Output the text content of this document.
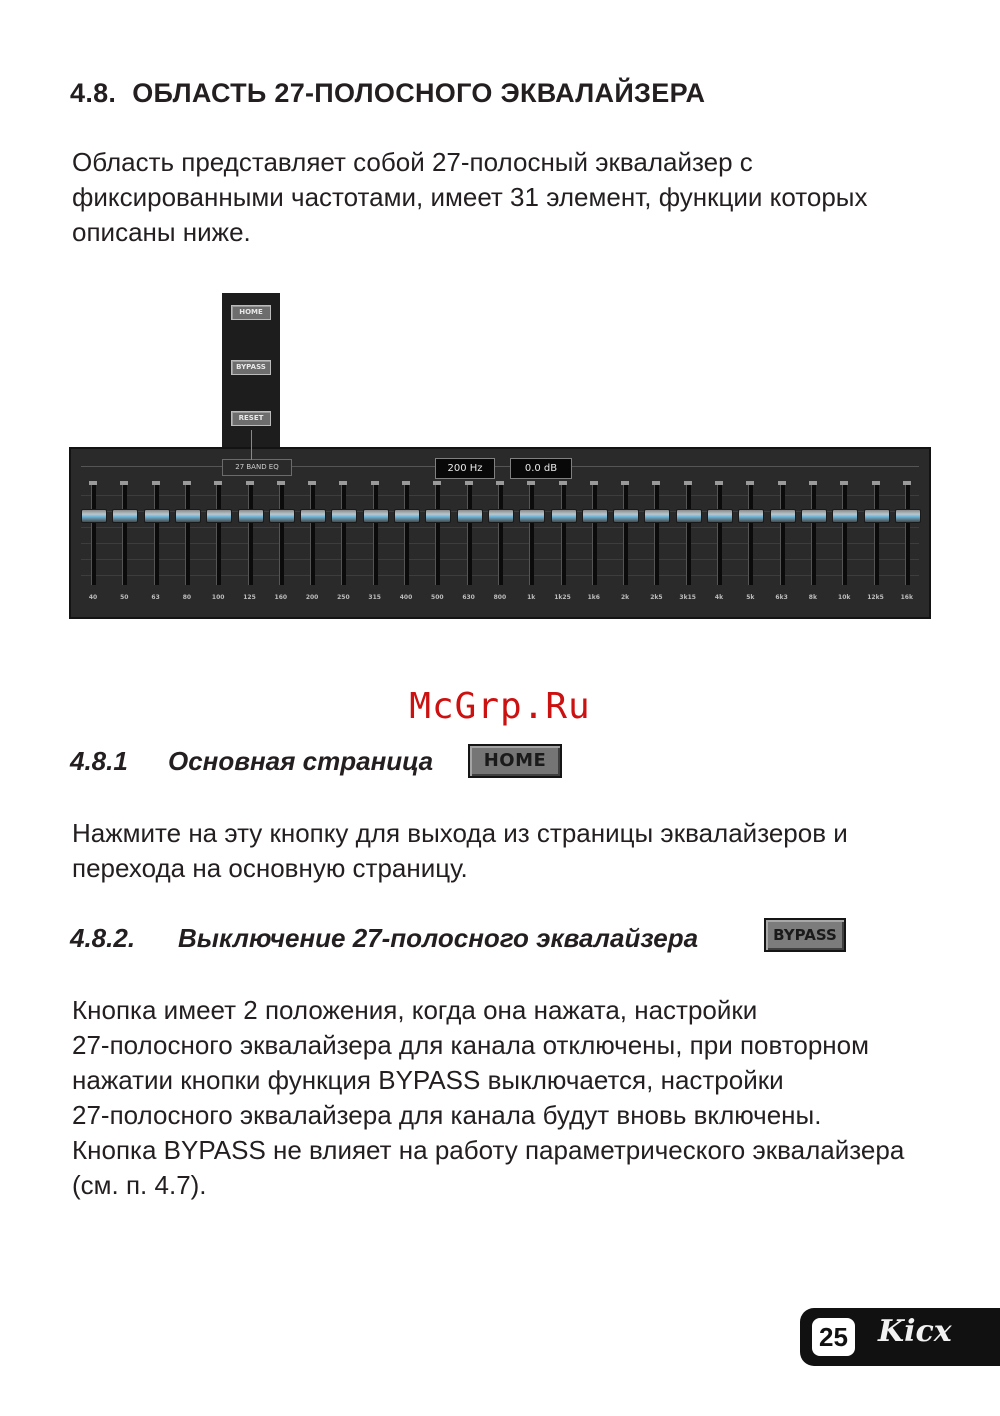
4.8. ОБЛАСТЬ 27-ПОЛОСНОГО ЭКВАЛАЙЗЕРА
Область представляет собой 27-полосный эквалайзер с
фиксированными частотами, имеет 31 элемент, функции которых
описаны ниже.
HOME
BYPASS
RESET
27 BAND EQ	200 Hz	0.0 dB
40	50	63	80	100	125	160	200	250	315	400	500	630	800	1k	1k25	1k6	2k	2k5	3k15	4k	5k	6k3	8k	10k	12k5	16k
McGrp.Ru
4.8.1 Основная страница	HOME
Нажмите на эту кнопку для выхода из страницы эквалайзеров и
перехода на основную страницу.
4.8.2. Выключение 27-полосного эквалайзера	BYPASS
Кнопка имеет 2 положения, когда она нажата, настройки
27-полосного эквалайзера для канала отключены, при повторном
нажатии кнопки функция BYPASS выключается, настройки
27-полосного эквалайзера для канала будут вновь включены.
Кнопка BYPASS не влияет на работу параметрического эквалайзера
(см. п. 4.7).
25 Kicx
